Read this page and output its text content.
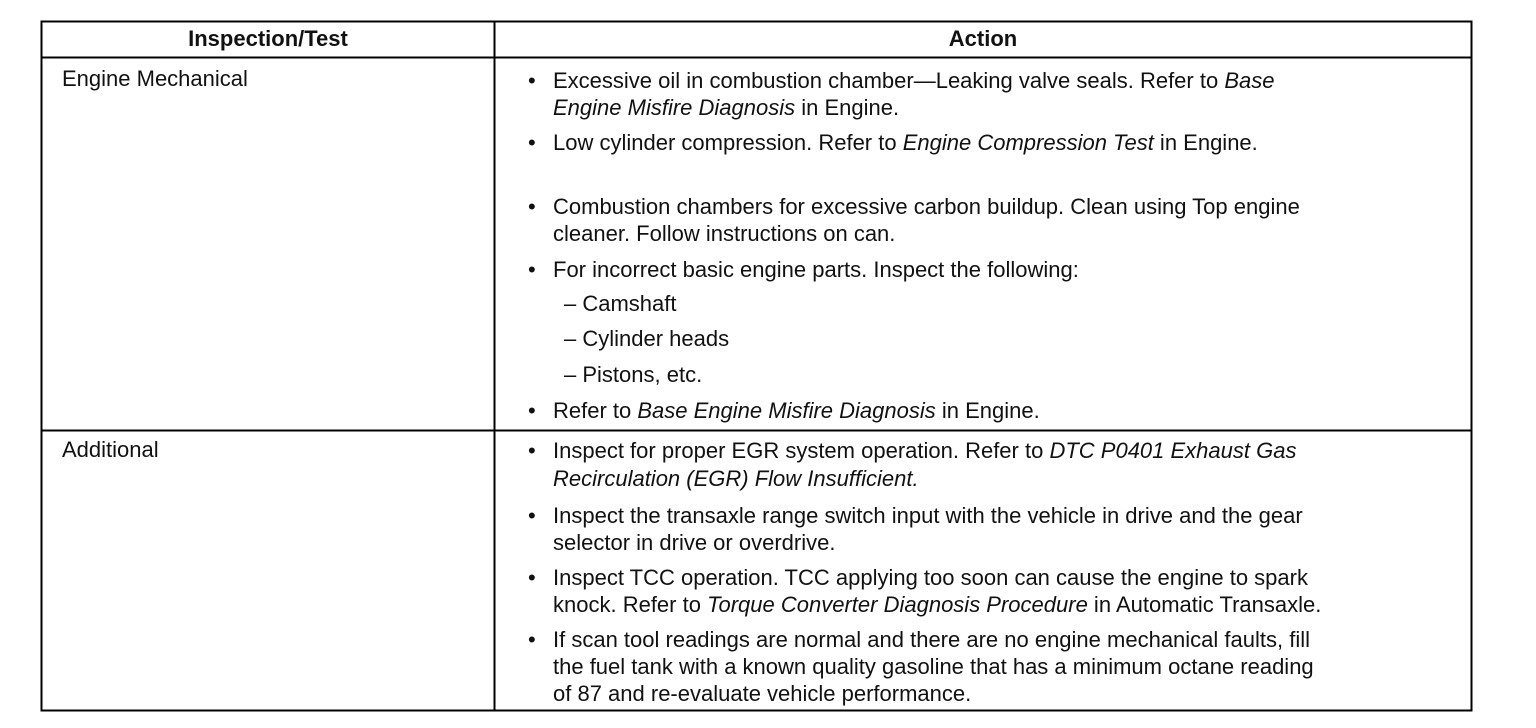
Inspection/Test	Action
Engine Mechanical	• Excessive oil in combustion chamber—Leaking valve seals. Refer to Base
Engine Misfire Diagnosis in Engine.
• Low cylinder compression. Refer to Engine Compression Test in Engine.
• Combustion chambers for excessive carbon buildup. Clean using Top engine
cleaner. Follow instructions on can.
• For incorrect basic engine parts. Inspect the following:
– Camshaft
– Cylinder heads
– Pistons, etc.
• Refer to Base Engine Misfire Diagnosis in Engine.
Additional	• Inspect for proper EGR system operation. Refer to DTC P0401 Exhaust Gas
Recirculation (EGR) Flow Insufficient.
• Inspect the transaxle range switch input with the vehicle in drive and the gear
selector in drive or overdrive.
• Inspect TCC operation. TCC applying too soon can cause the engine to spark
knock. Refer to Torque Converter Diagnosis Procedure in Automatic Transaxle.
• If scan tool readings are normal and there are no engine mechanical faults, fill
the fuel tank with a known quality gasoline that has a minimum octane reading
of 87 and re-evaluate vehicle performance.
